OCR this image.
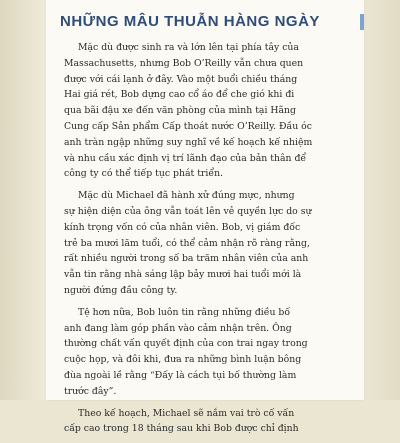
NHỮNG MÂU THUẪN HÀNG NGÀY

Mặc dù được sinh ra và lớn lên tại phía tây của
Massachusetts, nhưng Bob O’Reilly vẫn chưa quen
được với cái lạnh ở đây. Vào một buổi chiều tháng
Hai giá rét, Bob dựng cao cổ áo để che gió khi đi
qua bãi đậu xe đến văn phòng của mình tại Hãng
Cung cấp Sản phẩm Cấp thoát nước O’Reilly. Đầu óc
anh tràn ngập những suy nghĩ về kế hoạch kế nhiệm
và nhu cầu xác định vị trí lãnh đạo của bản thân để
công ty có thể tiếp tục phát triển.

Mặc dù Michael đã hành xử đúng mực, nhưng
sự hiện diện của ông vẫn toát lên vẻ quyền lực do sự
kính trọng vốn có của nhân viên. Bob, vị giám đốc
trẻ ba mươi lăm tuổi, có thể cảm nhận rõ ràng rằng,
rất nhiều người trong số ba trăm nhân viên của anh
vẫn tin rằng nhà sáng lập bảy mươi hai tuổi mới là
người đứng đầu công ty.

Tệ hơn nữa, Bob luôn tin rằng những điều bố
anh đang làm góp phần vào cảm nhận trên. Ông
thường chất vấn quyết định của con trai ngay trong
cuộc họp, và đôi khi, đưa ra những bình luận bông
đùa ngoài lề rằng “Đấy là cách tụi bố thường làm
trước đây”.

Theo kế hoạch, Michael sẽ nắm vai trò cố vấn
cấp cao trong 18 tháng sau khi Bob được chỉ định
